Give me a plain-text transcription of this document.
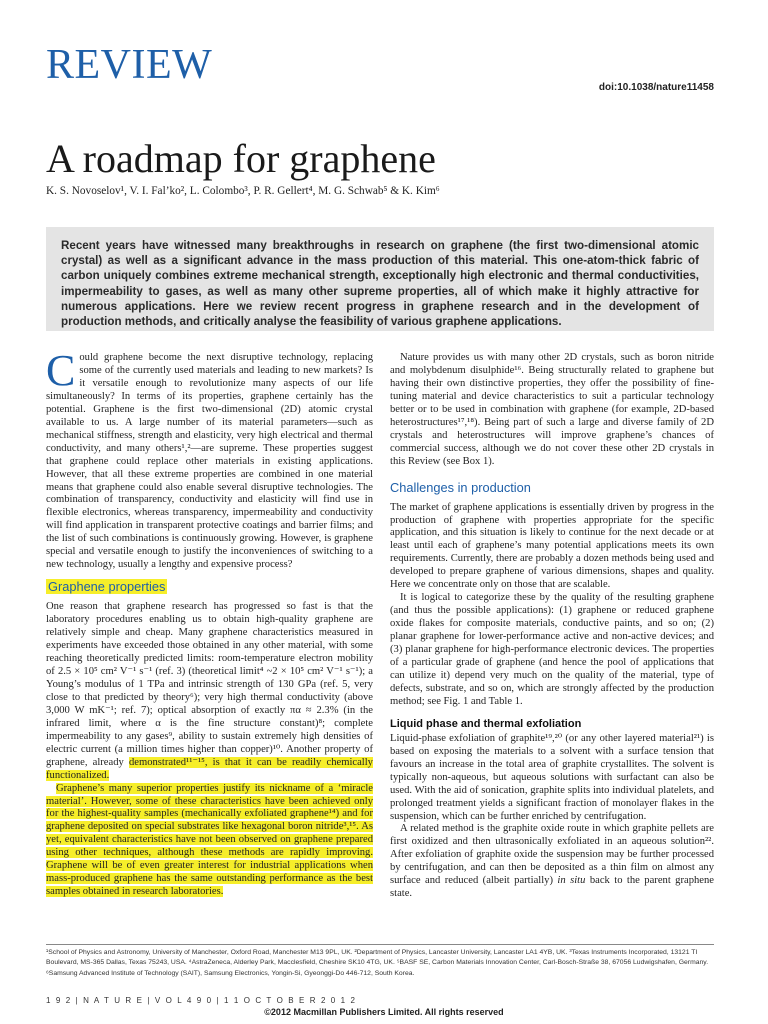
REVIEW	doi:10.1038/nature11458
A roadmap for graphene
K. S. Novoselov¹, V. I. Fal’ko², L. Colombo³, P. R. Gellert⁴, M. G. Schwab⁵ & K. Kim⁶
Recent years have witnessed many breakthroughs in research on graphene (the first two-dimensional atomic crystal) as well as a significant advance in the mass production of this material. This one-atom-thick fabric of carbon uniquely combines extreme mechanical strength, exceptionally high electronic and thermal conductivities, impermeability to gases, as well as many other supreme properties, all of which make it highly attractive for numerous applications. Here we review recent progress in graphene research and in the development of production methods, and critically analyse the feasibility of various graphene applications.

Could graphene become the next disruptive technology, replacing some of the currently used materials and leading to new markets? Is it versatile enough to revolutionize many aspects of our life simultaneously? In terms of its properties, graphene certainly has the potential. Graphene is the first two-dimensional (2D) atomic crystal available to us. A large number of its material parameters—such as mechanical stiffness, strength and elasticity, very high electrical and thermal conductivity, and many others¹,²—are supreme. These properties suggest that graphene could replace other materials in existing applications. However, that all these extreme properties are combined in one material means that graphene could also enable several disruptive technologies. The combination of transparency, conductivity and elasticity will find use in flexible electronics, whereas transparency, impermeability and conductivity will find application in transparent protective coatings and barrier films; and the list of such combinations is continuously growing. However, is graphene special and versatile enough to justify the inconveniences of switching to a new technology, usually a lengthy and expensive process?

Graphene properties

One reason that graphene research has progressed so fast is that the laboratory procedures enabling us to obtain high-quality graphene are relatively simple and cheap. Many graphene characteristics measured in experiments have exceeded those obtained in any other material, with some reaching theoretically predicted limits: room-temperature electron mobility of 2.5 × 10⁵ cm² V⁻¹ s⁻¹ (ref. 3) (theoretical limit⁴ ~2 × 10⁵ cm² V⁻¹ s⁻¹); a Young’s modulus of 1 TPa and intrinsic strength of 130 GPa (ref. 5, very close to that predicted by theory⁶); very high thermal conductivity (above 3,000 W mK⁻¹; ref. 7); optical absorption of exactly πα ≈ 2.3% (in the infrared limit, where α is the fine structure constant)⁸; complete impermeability to any gases⁹, ability to sustain extremely high densities of electric current (a million times higher than copper)¹⁰. Another property of graphene, already demonstrated¹¹⁻¹⁵, is that it can be readily chemically functionalized.

Graphene’s many superior properties justify its nickname of a ‘miracle material’. However, some of these characteristics have been achieved only for the highest-quality samples (mechanically exfoliated graphene¹⁴) and for graphene deposited on special substrates like hexagonal boron nitride³,¹⁵. As yet, equivalent characteristics have not been observed on graphene prepared using other techniques, although these methods are rapidly improving. Graphene will be of even greater interest for industrial applications when mass-produced graphene has the same outstanding performance as the best samples obtained in research laboratories.

Nature provides us with many other 2D crystals, such as boron nitride and molybdenum disulphide¹⁶. Being structurally related to graphene but having their own distinctive properties, they offer the possibility of fine-tuning material and device characteristics to suit a particular technology better or to be used in combination with graphene (for example, 2D-based heterostructures¹⁷,¹⁸). Being part of such a large and diverse family of 2D crystals and heterostructures will improve graphene’s chances of commercial success, although we do not cover these other 2D crystals in this Review (see Box 1).

Challenges in production

The market of graphene applications is essentially driven by progress in the production of graphene with properties appropriate for the specific application, and this situation is likely to continue for the next decade or at least until each of graphene’s many potential applications meets its own requirements. Currently, there are probably a dozen methods being used and developed to prepare graphene of various dimensions, shapes and quality. Here we concentrate only on those that are scalable.

It is logical to categorize these by the quality of the resulting graphene (and thus the possible applications): (1) graphene or reduced graphene oxide flakes for composite materials, conductive paints, and so on; (2) planar graphene for lower-performance active and non-active devices; and (3) planar graphene for high-performance electronic devices. The properties of a particular grade of graphene (and hence the pool of applications that can utilize it) depend very much on the quality of the material, type of defects, substrate, and so on, which are strongly affected by the production method; see Fig. 1 and Table 1.

Liquid phase and thermal exfoliation

Liquid-phase exfoliation of graphite¹⁹,²⁰ (or any other layered material²¹) is based on exposing the materials to a solvent with a surface tension that favours an increase in the total area of graphite crystallites. The solvent is typically non-aqueous, but aqueous solutions with surfactant can also be used. With the aid of sonication, graphite splits into individual platelets, and prolonged treatment yields a significant fraction of monolayer flakes in the suspension, which can be further enriched by centrifugation.

A related method is the graphite oxide route in which graphite pellets are first oxidized and then ultrasonically exfoliated in an aqueous solution²². After exfoliation of graphite oxide the suspension may be further processed by centrifugation, and can then be deposited as a thin film on almost any surface and reduced (albeit partially) in situ back to the parent graphene state.

¹School of Physics and Astronomy, University of Manchester, Oxford Road, Manchester M13 9PL, UK. ²Department of Physics, Lancaster University, Lancaster LA1 4YB, UK. ³Texas Instruments Incorporated, 13121 TI Boulevard, MS-365 Dallas, Texas 75243, USA. ⁴AstraZeneca, Alderley Park, Macclesfield, Cheshire SK10 4TG, UK. ⁵BASF SE, Carbon Materials Innovation Center, Carl-Bosch-Straße 38, 67056 Ludwigshafen, Germany. ⁶Samsung Advanced Institute of Technology (SAIT), Samsung Electronics, Yongin-Si, Gyeonggi-Do 446-712, South Korea.
1 9 2 | N A T U R E | V O L 4 9 0 | 1 1 O C T O B E R 2 0 1 2
©2012 Macmillan Publishers Limited. All rights reserved
